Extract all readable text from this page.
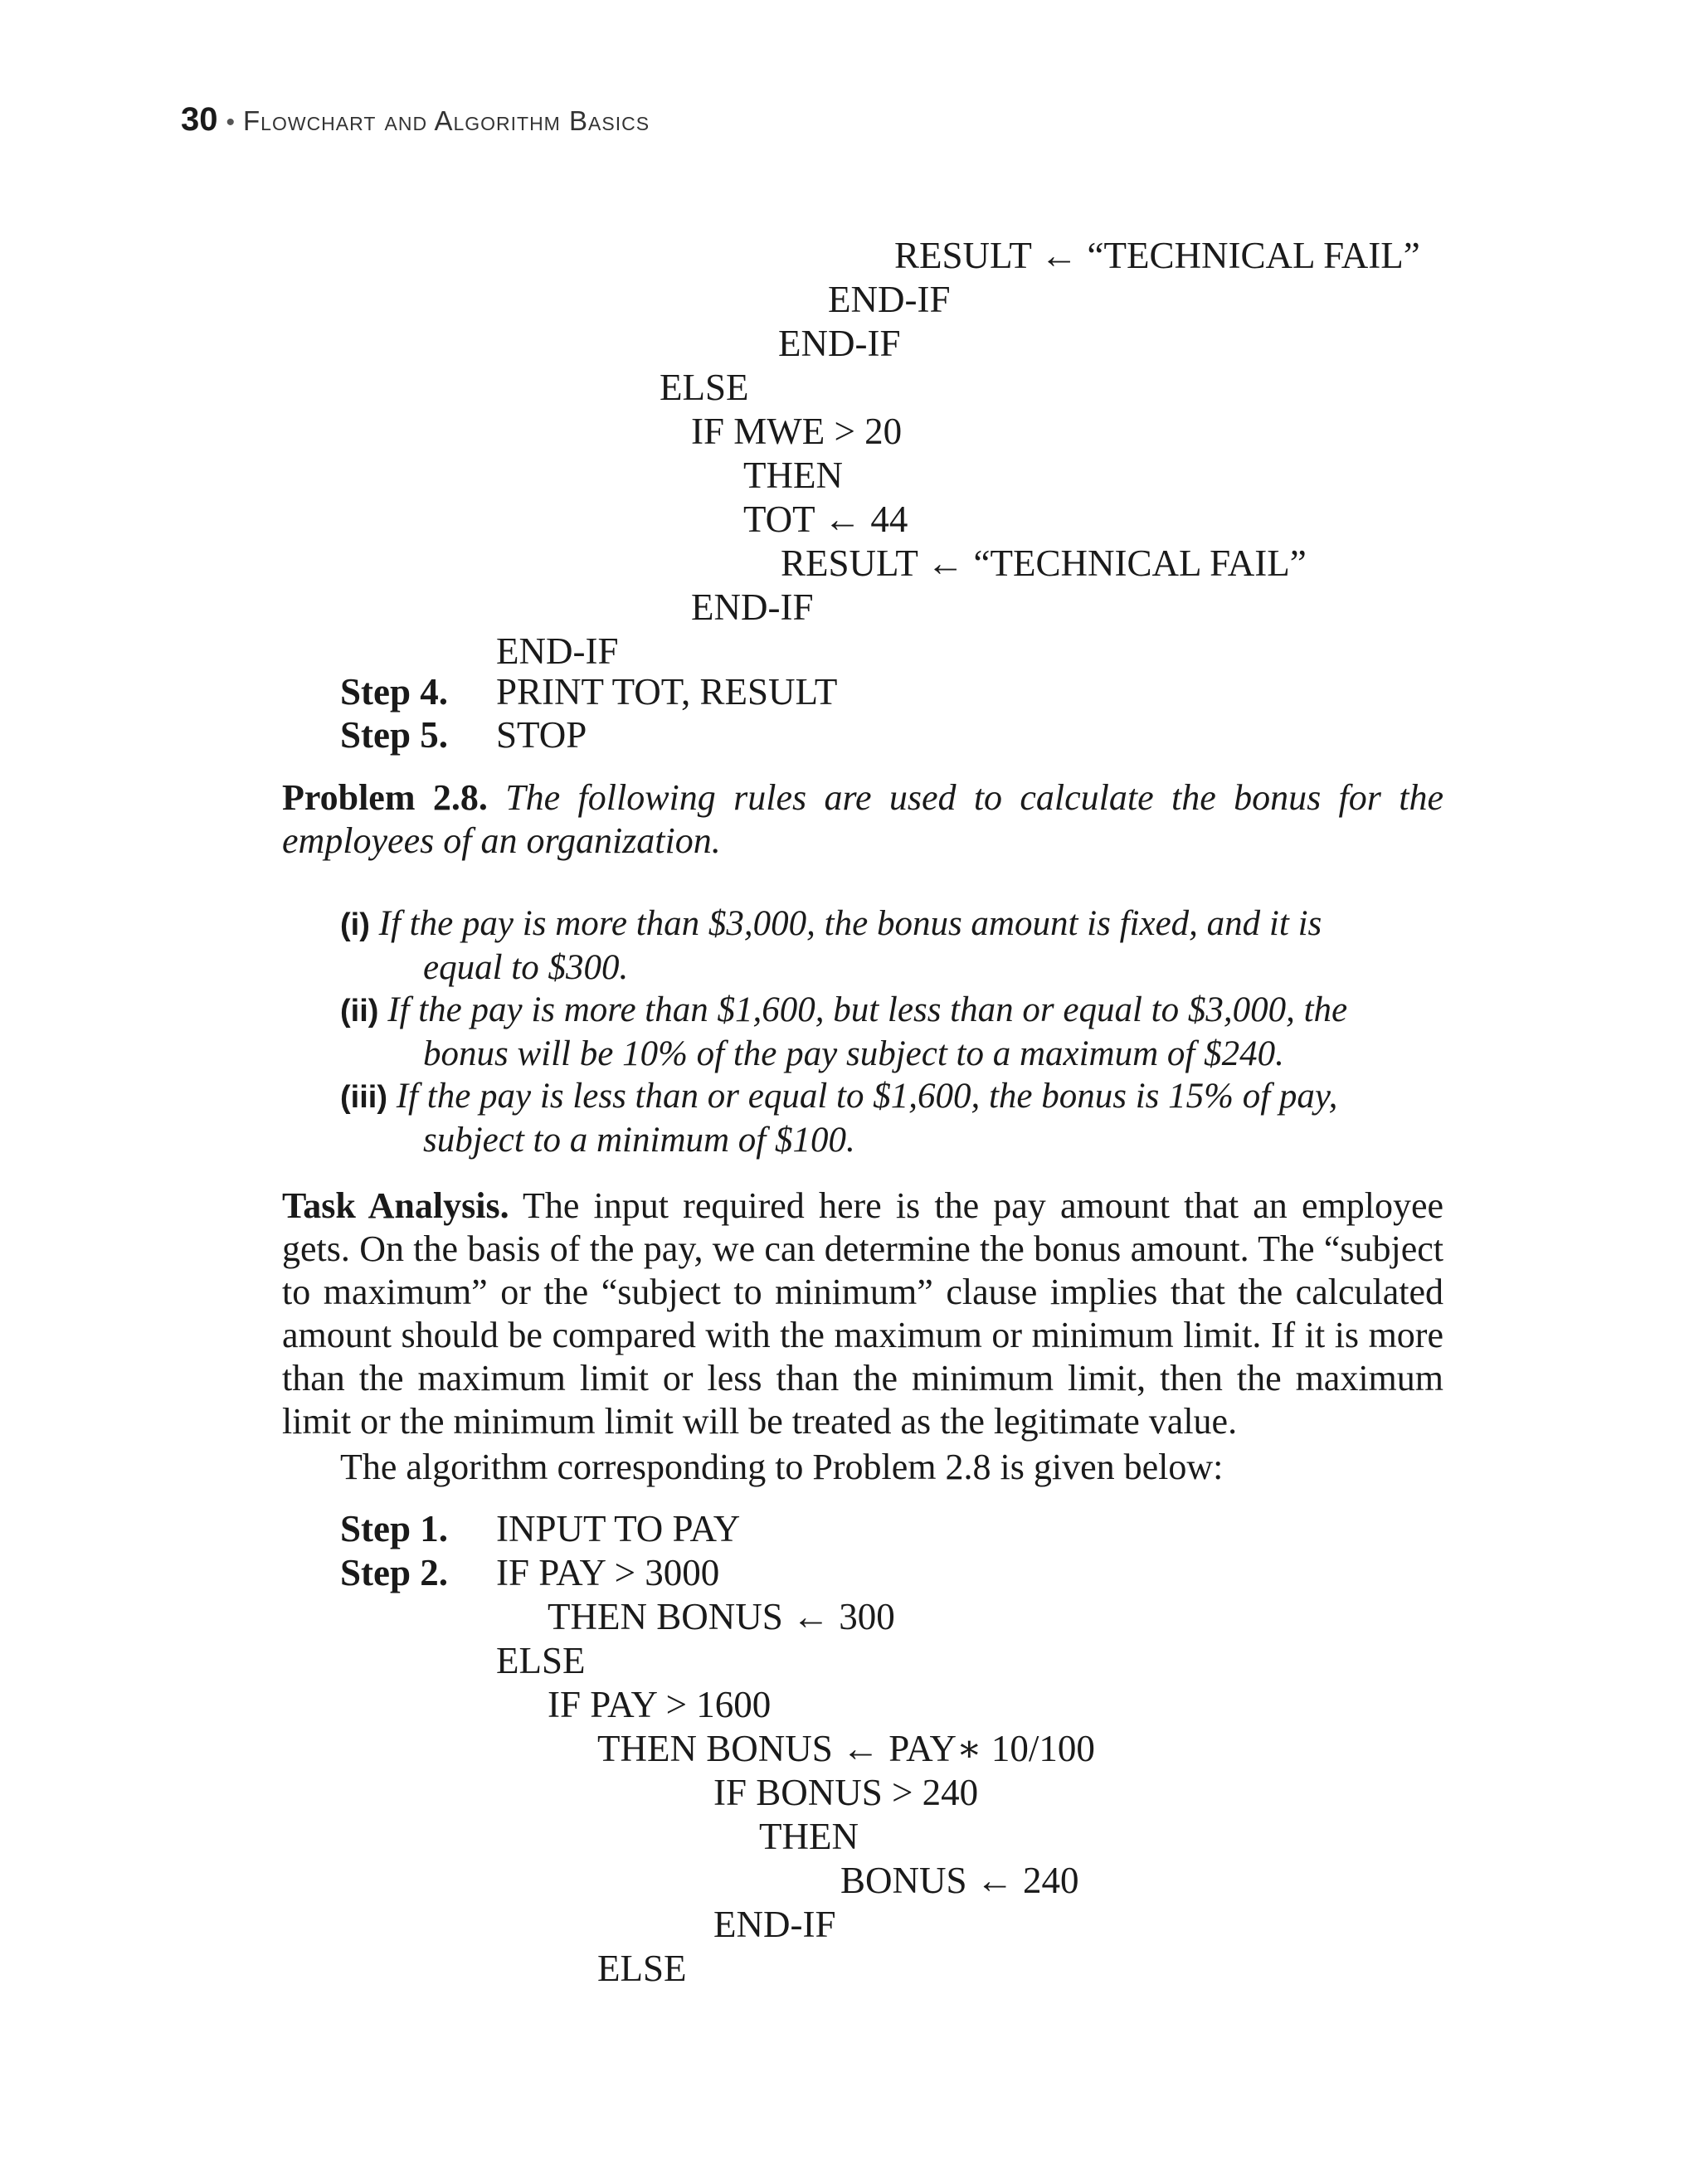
30 • Flowchart and Algorithm Basics
RESULT ← “TECHNICAL FAIL”
END-IF
END-IF
ELSE
IF MWE > 20
THEN
TOT ← 44
RESULT ← “TECHNICAL FAIL”
END-IF
END-IF
Step 4. PRINT TOT, RESULT
Step 5. STOP
Problem 2.8. The following rules are used to calculate the bonus for the employees of an organization.
(i) If the pay is more than $3,000, the bonus amount is fixed, and it is
equal to $300.
(ii) If the pay is more than $1,600, but less than or equal to $3,000, the
bonus will be 10% of the pay subject to a maximum of $240.
(iii) If the pay is less than or equal to $1,600, the bonus is 15% of pay,
subject to a minimum of $100.
Task Analysis. The input required here is the pay amount that an employee gets. On the basis of the pay, we can determine the bonus amount. The “subject to maximum” or the “subject to minimum” clause implies that the calculated amount should be compared with the maximum or minimum limit. If it is more than the maximum limit or less than the minimum limit, then the maximum limit or the minimum limit will be treated as the legitimate value.
The algorithm corresponding to Problem 2.8 is given below:
Step 1. INPUT TO PAY
Step 2. IF PAY > 3000
THEN BONUS ← 300
ELSE
IF PAY > 1600
THEN BONUS ← PAY∗ 10/100
IF BONUS > 240
THEN
BONUS ← 240
END-IF
ELSE
